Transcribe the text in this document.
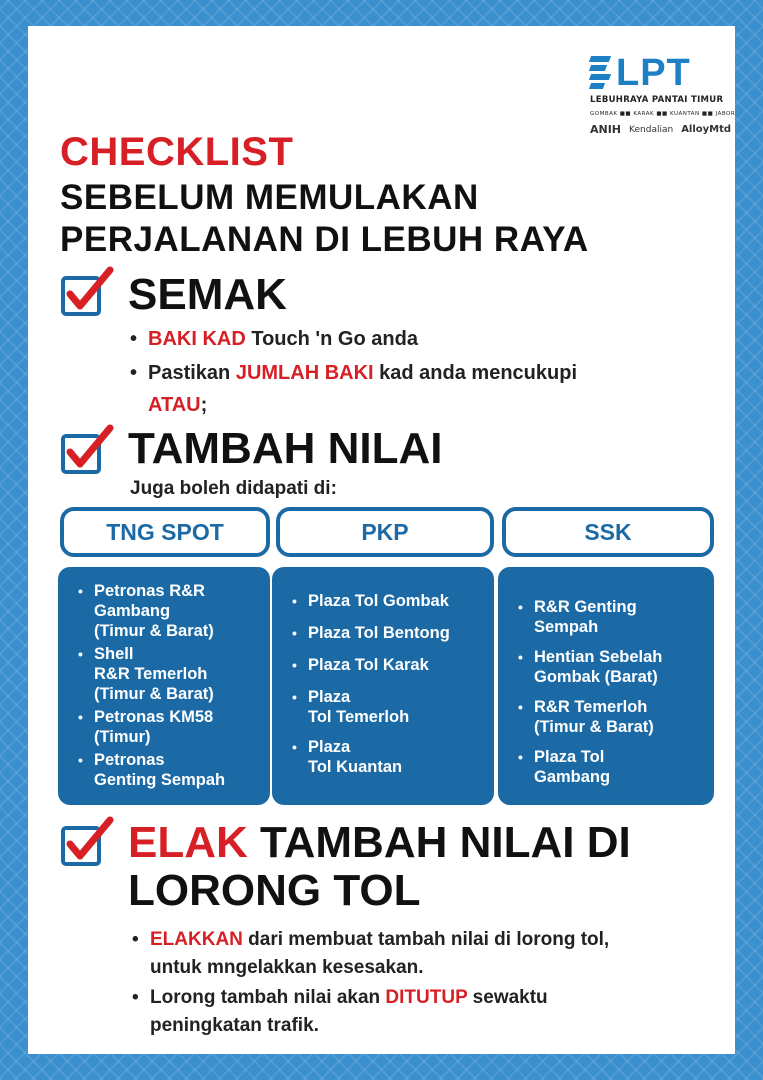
LPT
LEBUHRAYA PANTAI TIMUR
GOMBAK ■■ KARAK ■■ KUANTAN ■■ JABOR
ANIH Kendalian AlloyMtd
CHECKLIST
SEBELUM MEMULAKAN
PERJALANAN DI LEBUH RAYA
SEMAK
• BAKI KAD Touch 'n Go anda
• Pastikan JUMLAH BAKI kad anda mencukupi
ATAU;
TAMBAH NILAI
Juga boleh didapati di:
TNG SPOT	PKP	SSK
• Petronas R&R
Gambang
(Timur & Barat)
• Shell
R&R Temerloh
(Timur & Barat)
• Petronas KM58
(Timur)
• Petronas
Genting Sempah
• Plaza Tol Gombak
• Plaza Tol Bentong
• Plaza Tol Karak
• Plaza
Tol Temerloh
• Plaza
Tol Kuantan
• R&R Genting
Sempah
• Hentian Sebelah
Gombak (Barat)
• R&R Temerloh
(Timur & Barat)
• Plaza Tol
Gambang
ELAK TAMBAH NILAI DI
LORONG TOL
• ELAKKAN dari membuat tambah nilai di lorong tol,
untuk mngelakkan kesesakan.
• Lorong tambah nilai akan DITUTUP sewaktu
peningkatan trafik.
